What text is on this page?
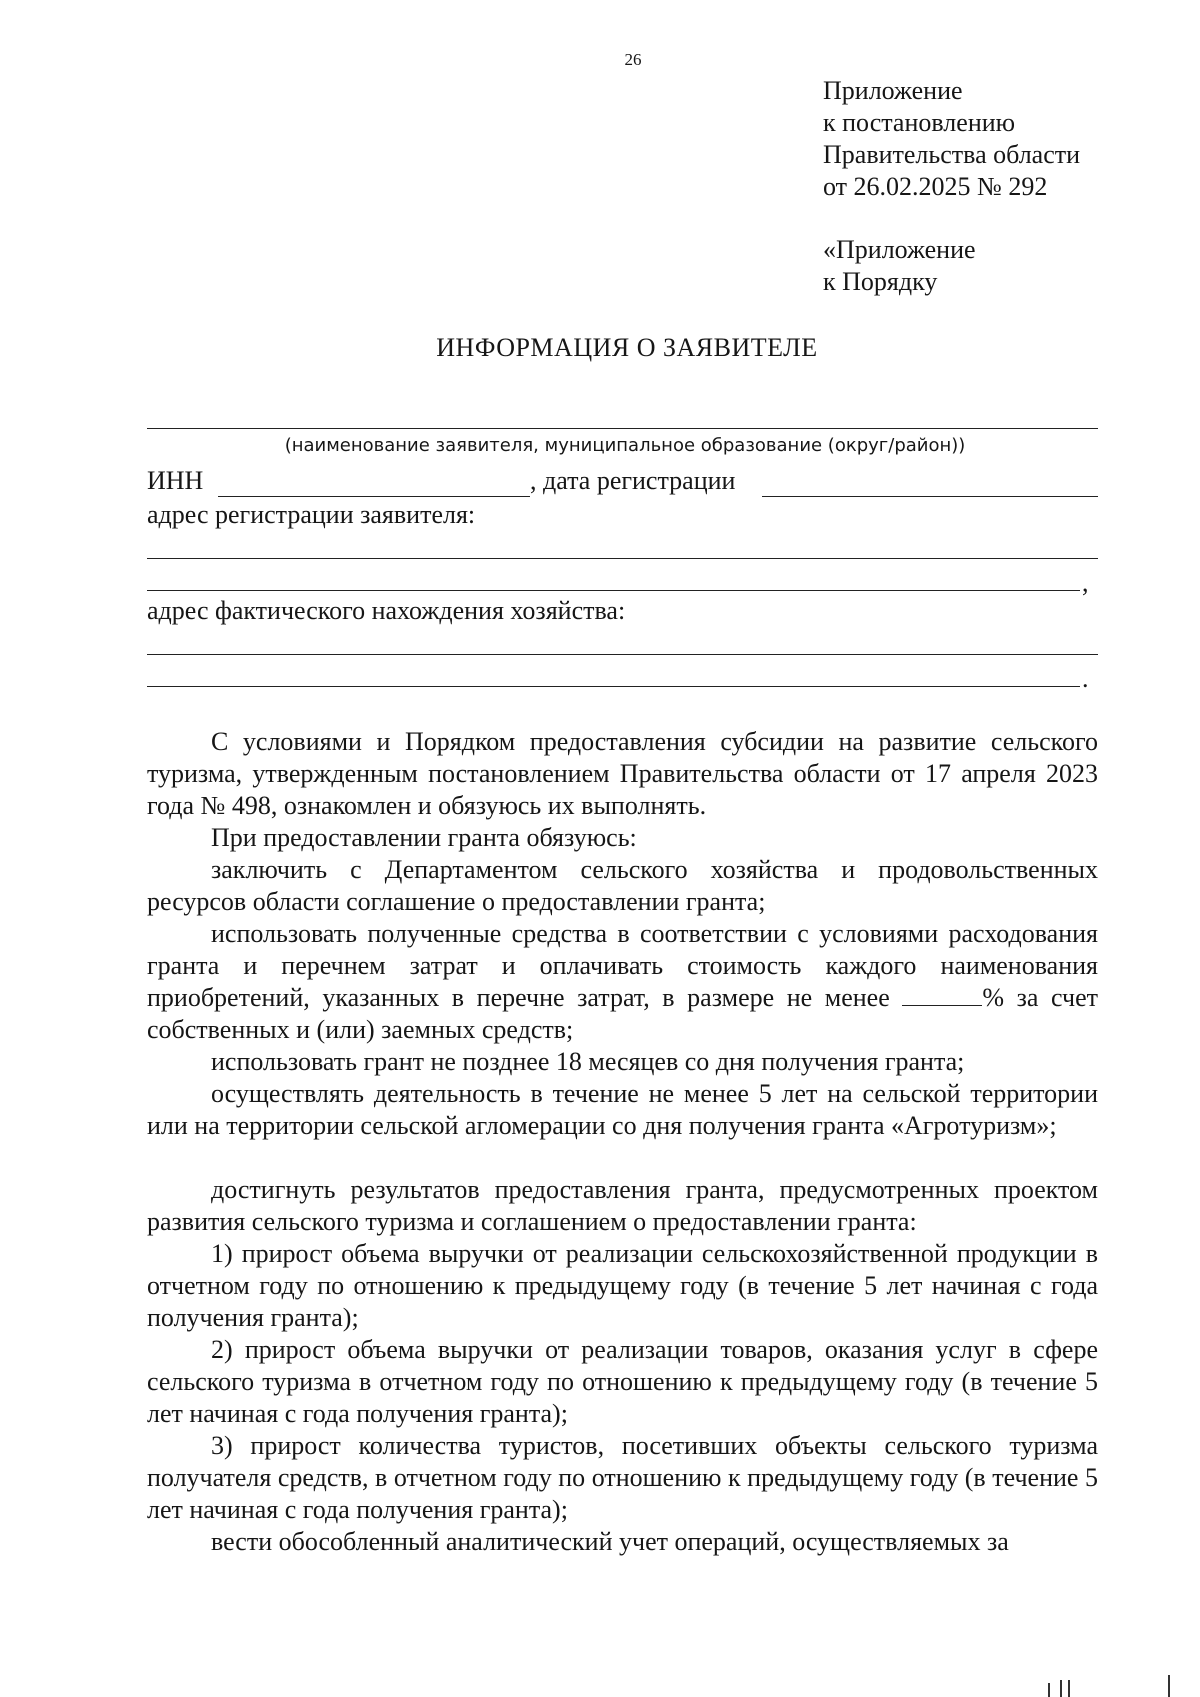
26
Приложение
к постановлению
Правительства области
от 26.02.2025 № 292
«Приложение
к Порядку
ИНФОРМАЦИЯ О ЗАЯВИТЕЛЕ
(наименование заявителя, муниципальное образование (округ/район))
ИНН	, дата регистрации
адрес регистрации заявителя:
,
адрес фактического нахождения хозяйства:
.
С условиями и Порядком предоставления субсидии на развитие сельского туризма, утвержденным постановлением Правительства области от 17 апреля 2023 года № 498, ознакомлен и обязуюсь их выполнять.
При предоставлении гранта обязуюсь:
заключить с Департаментом сельского хозяйства и продовольственных ресурсов области соглашение о предоставлении гранта;
использовать полученные средства в соответствии с условиями расходования гранта и перечнем затрат и оплачивать стоимость каждого наименования приобретений, указанных в перечне затрат, в размере не менее	% за счет собственных и (или) заемных средств;
использовать грант не позднее 18 месяцев со дня получения гранта;
осуществлять деятельность в течение не менее 5 лет на сельской территории или на территории сельской агломерации со дня получения гранта «Агротуризм»;
достигнуть результатов предоставления гранта, предусмотренных проектом развития сельского туризма и соглашением о предоставлении гранта:
1) прирост объема выручки от реализации сельскохозяйственной продукции в отчетном году по отношению к предыдущему году (в течение 5 лет начиная с года получения гранта);
2) прирост объема выручки от реализации товаров, оказания услуг в сфере сельского туризма в отчетном году по отношению к предыдущему году (в течение 5 лет начиная с года получения гранта);
3) прирост количества туристов, посетивших объекты сельского туризма получателя средств, в отчетном году по отношению к предыдущему году (в течение 5 лет начиная с года получения гранта);
вести обособленный аналитический учет операций, осуществляемых за
